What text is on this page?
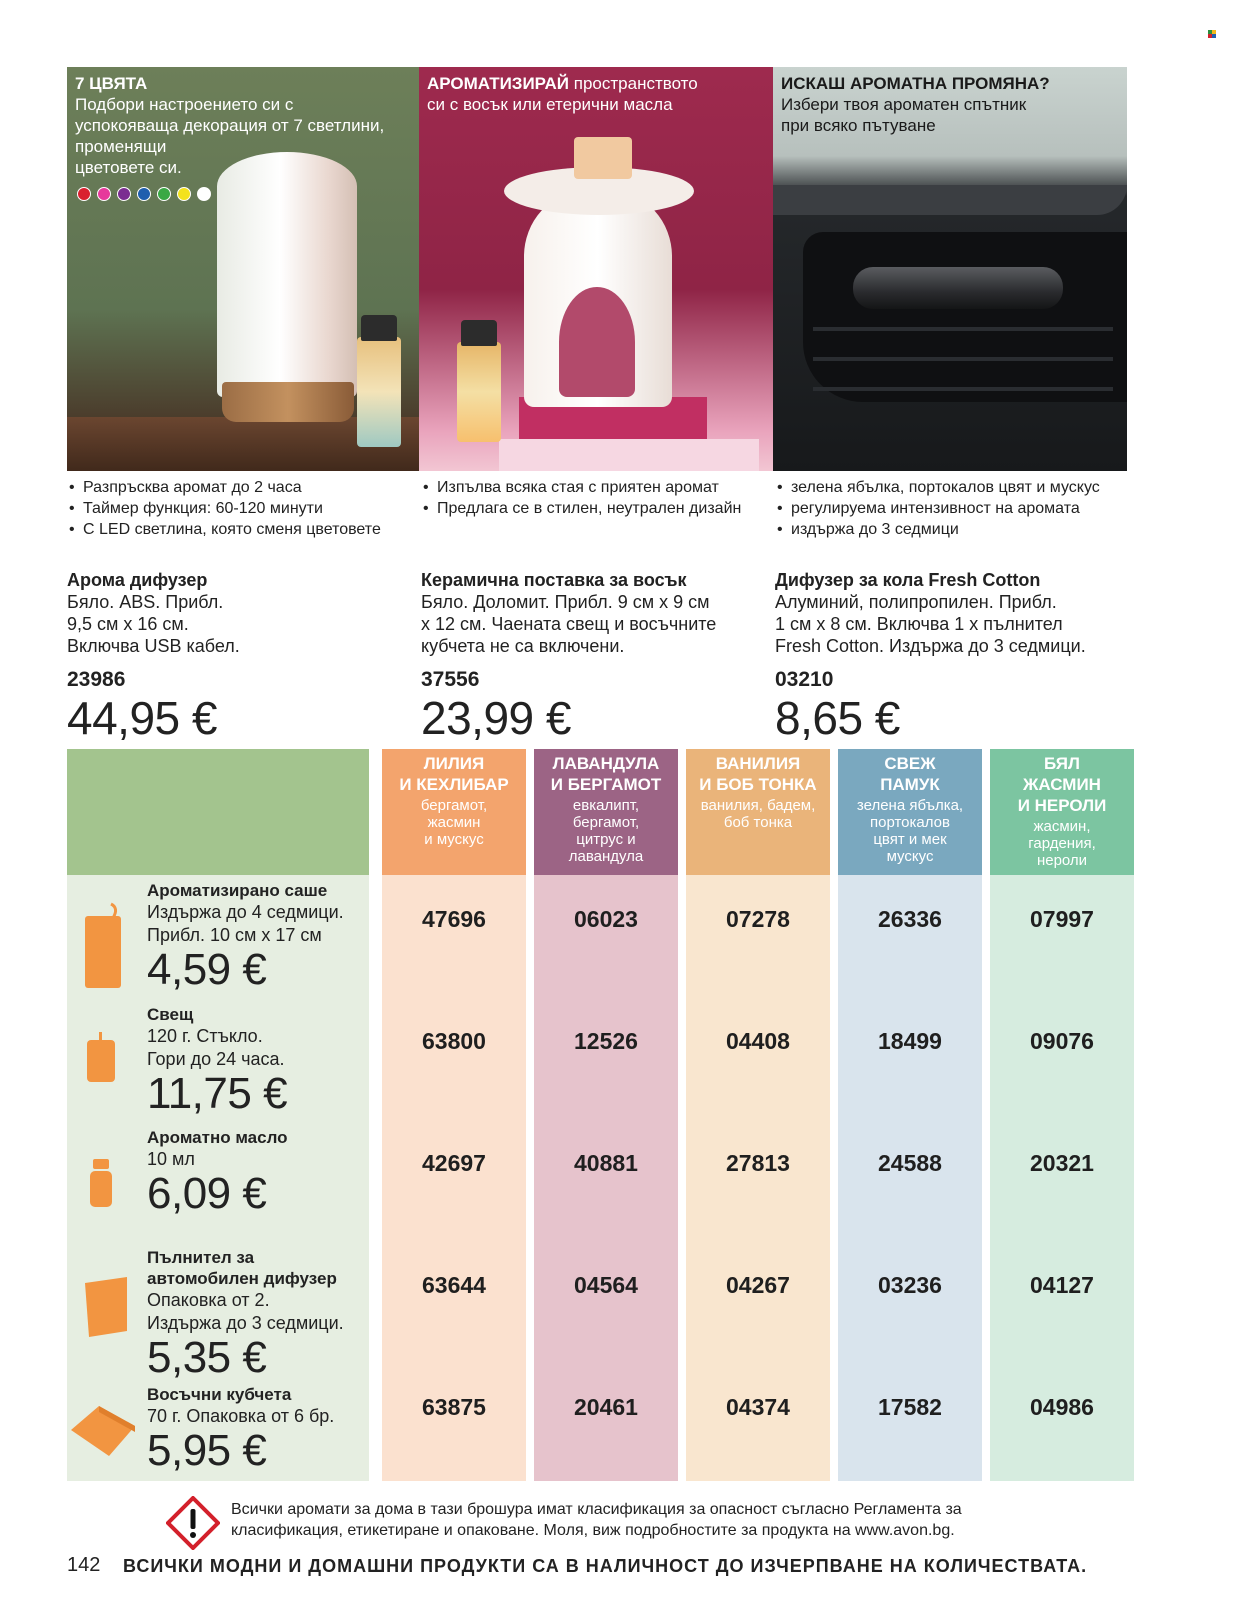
7 ЦВЯТА
Подбори настроението си с
успокояваща декорация от 7 светлини,
променящи
цветовете си.
АРОМАТИЗИРАЙ пространството
си с восък или етерични масла
ИСКАШ АРОМАТНА ПРОМЯНА?
Избери твоя ароматен спътник
при всяко пътуване
• Разпръсква аромат до 2 часа
• Таймер функция: 60-120 минути
• С LED светлина, която сменя цветовете
Арома дифузер
Бяло. ABS. Прибл.
9,5 см х 16 см.
Включва USB кабел.
23986
44,95 €
• Изпълва всяка стая с приятен аромат
• Предлага се в стилен, неутрален дизайн
Керамична поставка за восък
Бяло. Доломит. Прибл. 9 см х 9 см
х 12 см. Чаената свещ и восъчните
кубчета не са включени.
37556
23,99 €
• зелена ябълка, портокалов цвят и мускус
• регулируема интензивност на аромата
• издържа до 3 седмици
Дифузер за кола Fresh Cotton
Алуминий, полипропилен. Прибл.
1 см х 8 см. Включва 1 х пълнител
Fresh Cotton. Издържа до 3 седмици.
03210
8,65 €
ЛИЛИЯ
И КЕХЛИБАР
бергамот,
жасмин
и мускус
47696
63800
42697
63644
63875
ЛАВАНДУЛА
И БЕРГАМОТ
евкалипт,
бергамот,
цитрус и
лавандула
06023
12526
40881
04564
20461
ВАНИЛИЯ
И БОБ ТОНКА
ванилия, бадем,
боб тонка
07278
04408
27813
04267
04374
СВЕЖ
ПАМУК
зелена ябълка,
портокалов
цвят и мек
мускус
26336
18499
24588
03236
17582
БЯЛ
ЖАСМИН
И НЕРОЛИ
жасмин,
гардения,
нероли
07997
09076
20321
04127
04986
Ароматизирано саше
Издържа до 4 седмици.
Прибл. 10 см х 17 см
4,59 €
Свещ
120 г. Стъкло.
Гори до 24 часа.
11,75 €
Ароматно масло
10 мл
6,09 €
Пълнител за
автомобилен дифузер
Опаковка от 2.
Издържа до 3 седмици.
5,35 €
Восъчни кубчета
70 г. Опаковка от 6 бр.
5,95 €
Всички аромати за дома в тази брошура имат класификация за опасност съгласно Регламента за
класификация, етикетиране и опаковане. Моля, виж подробностите за продукта на www.avon.bg.
142 ВСИЧКИ МОДНИ И ДОМАШНИ ПРОДУКТИ СА В НАЛИЧНОСТ ДО ИЗЧЕРПВАНЕ НА КОЛИЧЕСТВАТА.
